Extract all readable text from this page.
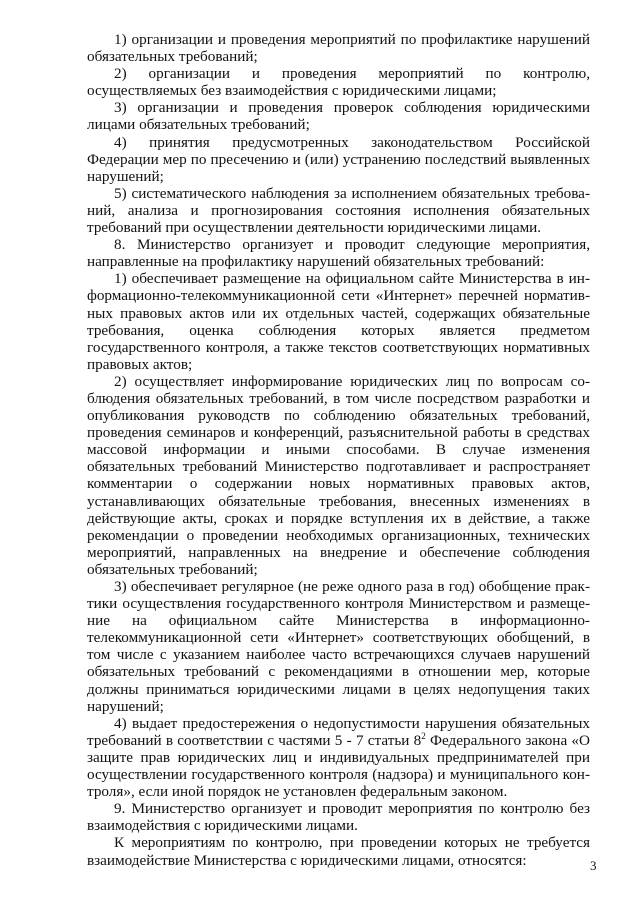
1) организации и проведения мероприятий по профилактике нарушений обязательных требований;

2) организации и проведения мероприятий по контролю, осуществляемых без взаимодействия с юридическими лицами;

3) организации и проведения проверок соблюдения юридическими лицами обязательных требований;

4) принятия предусмотренных законодательством Российской Федерации мер по пресечению и (или) устранению последствий выявленных нарушений;

5) систематического наблюдения за исполнением обязательных требований, анализа и прогнозирования состояния исполнения обязательных требований при осуществлении деятельности юридическими лицами.

8. Министерство организует и проводит следующие мероприятия, направленные на профилактику нарушений обязательных требований:

1) обеспечивает размещение на официальном сайте Министерства в информационно-телекоммуникационной сети «Интернет» перечней нормативных правовых актов или их отдельных частей, содержащих обязательные требования, оценка соблюдения которых является предметом государственного контроля, а также текстов соответствующих нормативных правовых актов;

2) осуществляет информирование юридических лиц по вопросам соблюдения обязательных требований, в том числе посредством разработки и опубликования руководств по соблюдению обязательных требований, проведения семинаров и конференций, разъяснительной работы в средствах массовой информации и иными способами. В случае изменения обязательных требований Министерство подготавливает и распространяет комментарии о содержании новых нормативных правовых актов, устанавливающих обязательные требования, внесенных изменениях в действующие акты, сроках и порядке вступления их в действие, а также рекомендации о проведении необходимых организационных, технических мероприятий, направленных на внедрение и обеспечение соблюдения обязательных требований;

3) обеспечивает регулярное (не реже одного раза в год) обобщение практики осуществления государственного контроля Министерством и размещение на официальном сайте Министерства в информационно-телекоммуникационной сети «Интернет» соответствующих обобщений, в том числе с указанием наиболее часто встречающихся случаев нарушений обязательных требований с рекомендациями в отношении мер, которые должны приниматься юридическими лицами в целях недопущения таких нарушений;

4) выдает предостережения о недопустимости нарушения обязательных требований в соответствии с частями 5 - 7 статьи $8^2$ Федерального закона «О защите прав юридических лиц и индивидуальных предпринимателей при осуществлении государственного контроля (надзора) и муниципального контроля», если иной порядок не установлен федеральным законом.

9. Министерство организует и проводит мероприятия по контролю без взаимодействия с юридическими лицами.

К мероприятиям по контролю, при проведении которых не требуется взаимодействие Министерства с юридическими лицами, относятся:	3
